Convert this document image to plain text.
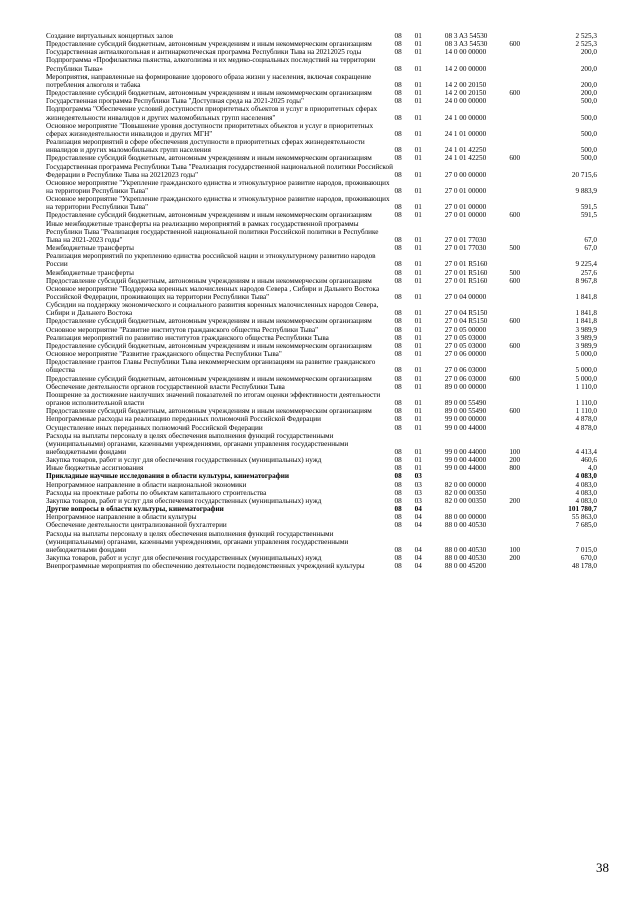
Создание виртуальных концертных залов	08	01	08 3 A3 54530		2 525,3
Предоставление субсидий бюджетным, автономным учреждениям и иным некоммерческим организациям	08	01	08 3 A3 54530	600	2 525,3
Государственная антиалкогольная и антинаркотическая программа Республики Тыва на 20212025 годы	08	01	14 0 00 00000		200,0
Подпрограмма «Профилактика пьянства, алкоголизма и их медико-социальных последствий на территории Республики Тыва»	08	01	14 2 00 00000		200,0
Мероприятия, направленные на формирование здорового образа жизни у населения, включая сокращение потребления алкоголя и табака	08	01	14 2 00 20150		200,0
Предоставление субсидий бюджетным, автономным учреждениям и иным некоммерческим организациям	08	01	14 2 00 20150	600	200,0
Государственная программа Республики Тыва "Доступная среда на 2021-2025 годы"	08	01	24 0 00 00000		500,0
Подпрограмма "Обеспечение условий доступности приоритетных объектов и услуг в приоритетных сферах жизнедеятельности инвалидов и других маломобильных групп населения"	08	01	24 1 00 00000		500,0
Основное мероприятие "Повышение уровня доступности приоритетных объектов и услуг в приоритетных сферах жизнедеятельности инвалидов и других МГН"	08	01	24 1 01 00000		500,0
Реализация мероприятий в сфере обеспечения доступности в приоритетных сферах жизнедеятельности инвалидов и других маломобильных групп населения	08	01	24 1 01 42250		500,0
Предоставление субсидий бюджетным, автономным учреждениям и иным некоммерческим организациям	08	01	24 1 01 42250	600	500,0
Государственная программа Республики Тыва "Реализация государственной национальной политики Российской Федерации в Республике Тыва на 20212023 годы"	08	01	27 0 00 00000		20 715,6
Основное мероприятие "Укрепление гражданского единства и этнокультурное развитие народов, проживающих на территории Республики Тыва"	08	01	27 0 01 00000		9 883,9
Основное мероприятие "Укрепление гражданского единства и этнокультурное развитие народов, проживающих на территории Республики Тыва"	08	01	27 0 01 00000		591,5
Предоставление субсидий бюджетным, автономным учреждениям и иным некоммерческим организациям	08	01	27 0 01 00000	600	591,5
Иные межбюджетные трансферты на реализацию мероприятий в рамках государственной программы Республики Тыва "Реализация государственной национальной политики Российской политики в Республике Тыва на 2021-2023 годы"	08	01	27 0 01 77030		67,0
Межбюджетные трансферты	08	01	27 0 01 77030	500	67,0
Реализация мероприятий по укреплению единства российской нации и этнокультурному развитию народов России	08	01	27 0 01 R5160		9 225,4
Межбюджетные трансферты	08	01	27 0 01 R5160	500	257,6
Предоставление субсидий бюджетным, автономным учреждениям и иным некоммерческим организациям	08	01	27 0 01 R5160	600	8 967,8
Основное мероприятие "Поддержка коренных малочисленных народов Севера , Сибири и Дальнего Востока Российской Федерации, проживающих на территории Республики Тыва"	08	01	27 0 04 00000		1 841,8
Субсидии на поддержку экономического и социального развития коренных малочисленных народов Севера, Сибири и Дальнего Востока	08	01	27 0 04 R5150		1 841,8
Предоставление субсидий бюджетным, автономным учреждениям и иным некоммерческим организациям	08	01	27 0 04 R5150	600	1 841,8
Основное мероприятие "Развитие институтов гражданского общества Республики Тыва"	08	01	27 0 05 00000		3 989,9
Реализация мероприятий по развитию институтов гражданского общества Республики Тыва	08	01	27 0 05 03000		3 989,9
Предоставление субсидий бюджетным, автономным учреждениям и иным некоммерческим организациям	08	01	27 0 05 03000	600	3 989,9
Основное мероприятие "Развитие гражданского общества Республики Тыва"	08	01	27 0 06 00000		5 000,0
Предоставление грантов Главы Республики Тыва некоммерческим организациям на развитие гражданского общества	08	01	27 0 06 03000		5 000,0
Предоставление субсидий бюджетным, автономным учреждениям и иным некоммерческим организациям	08	01	27 0 06 03000	600	5 000,0
Обеспечение деятельности органов государственной власти Республики Тыва	08	01	89 0 00 00000		1 110,0
Поощрение за достижение наилучших значений показателей по итогам оценки эффективности деятельности органов исполнительной власти	08	01	89 0 00 55490		1 110,0
Предоставление субсидий бюджетным, автономным учреждениям и иным некоммерческим организациям	08	01	89 0 00 55490	600	1 110,0
Непрограммные расходы на реализацию переданных полномочий Российской Федерации	08	01	99 0 00 00000		4 878,0
Осуществление иных переданных полномочий Российской Федерации	08	01	99 0 00 44000		4 878,0
Расходы на выплаты персоналу в целях обеспечения выполнения функций государственными (муниципальными) органами, казенными учреждениями, органами управления государственными внебюджетными фондами	08	01	99 0 00 44000	100	4 413,4
Закупка товаров, работ и услуг для обеспечения государственных (муниципальных) нужд	08	01	99 0 00 44000	200	460,6
Иные бюджетные ассигнования	08	01	99 0 00 44000	800	4,0
Прикладные научные исследования в области культуры, кинематографии	08	03			4 083,0
Непрограммное направление в области национальной экономики	08	03	82 0 00 00000		4 083,0
Расходы на проектные работы по объектам капитального строительства	08	03	82 0 00 00350		4 083,0
Закупка товаров, работ и услуг для обеспечения государственных (муниципальных) нужд	08	03	82 0 00 00350	200	4 083,0
Другие вопросы в области культуры, кинематографии	08	04			101 780,7
Непрограммное направление в области культуры	08	04	88 0 00 00000		55 863,0
Обеспечение деятельности централизованной бухгалтерии	08	04	88 0 00 40530		7 685,0
Расходы на выплаты персоналу в целях обеспечения выполнения функций государственными (муниципальными) органами, казенными учреждениями, органами управления государственными внебюджетными фондами	08	04	88 0 00 40530	100	7 015,0
Закупка товаров, работ и услуг для обеспечения государственных (муниципальных) нужд	08	04	88 0 00 40530	200	670,0
Внепрограммные мероприятия по обеспечению деятельности подведомственных учреждений культуры	08	04	88 0 00 45200		48 178,0
38
